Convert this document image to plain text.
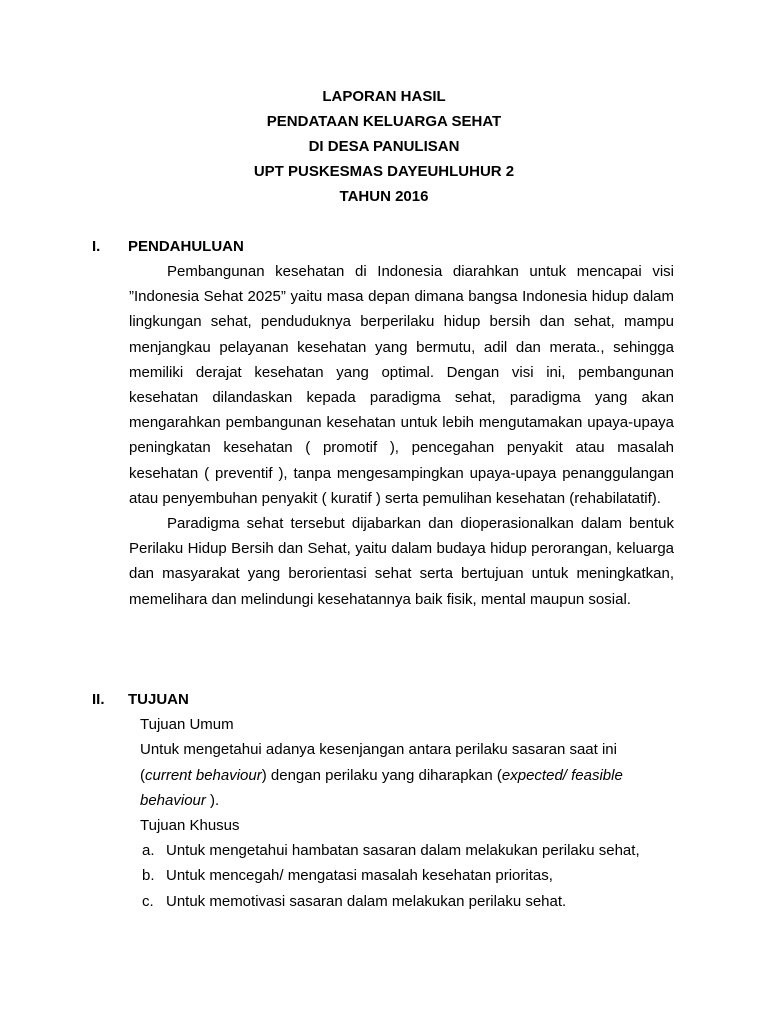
LAPORAN HASIL
PENDATAAN KELUARGA SEHAT
DI DESA PANULISAN
UPT PUSKESMAS DAYEUHLUHUR 2
TAHUN 2016
I. PENDAHULUAN

Pembangunan kesehatan di Indonesia diarahkan untuk mencapai visi ”Indonesia Sehat 2025” yaitu masa depan dimana bangsa Indonesia hidup dalam lingkungan sehat, penduduknya berperilaku hidup bersih dan sehat, mampu menjangkau pelayanan kesehatan yang bermutu, adil dan merata., sehingga memiliki derajat kesehatan yang optimal. Dengan visi ini, pembangunan kesehatan dilandaskan kepada paradigma sehat, paradigma yang akan mengarahkan pembangunan kesehatan untuk lebih mengutamakan upaya-upaya peningkatan kesehatan ( promotif ), pencegahan penyakit atau masalah kesehatan ( preventif ), tanpa mengesampingkan upaya-upaya penanggulangan atau penyembuhan penyakit ( kuratif ) serta pemulihan kesehatan (rehabilatatif).

Paradigma sehat tersebut dijabarkan dan dioperasionalkan dalam bentuk Perilaku Hidup Bersih dan Sehat, yaitu dalam budaya hidup perorangan, keluarga dan masyarakat yang berorientasi sehat serta bertujuan untuk meningkatkan, memelihara dan melindungi kesehatannya baik fisik, mental maupun sosial.

II. TUJUAN
Tujuan Umum
Untuk mengetahui adanya kesenjangan antara perilaku sasaran saat ini
(current behaviour) dengan perilaku yang diharapkan (expected/ feasible
behaviour ).
Tujuan Khusus
a. Untuk mengetahui hambatan sasaran dalam melakukan perilaku sehat,
b. Untuk mencegah/ mengatasi masalah kesehatan prioritas,
c. Untuk memotivasi sasaran dalam melakukan perilaku sehat.
